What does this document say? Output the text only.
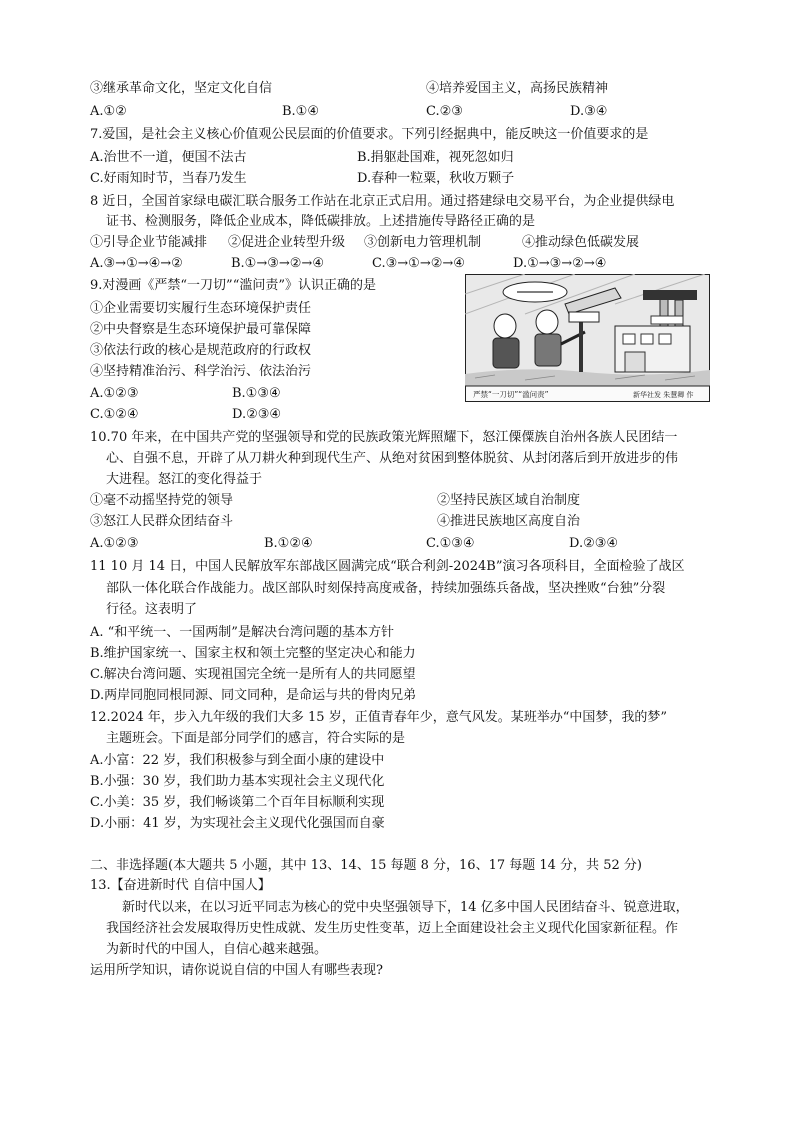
③继承革命文化，坚定文化自信	④培养爱国主义，高扬民族精神
A.①②	B.①④	C.②③	D.③④
7.爱国，是社会主义核心价值观公民层面的价值要求。下列引经据典中，能反映这一价值要求的是
A.治世不一道，便国不法古	B.捐躯赴国难，视死忽如归
C.好雨知时节，当春乃发生	D.春种一粒粟，秋收万颗子
8 近日，全国首家绿电碳汇联合服务工作站在北京正式启用。通过搭建绿电交易平台，为企业提供绿电
证书、检测服务，降低企业成本，降低碳排放。上述措施传导路径正确的是
①引导企业节能减排 ②促进企业转型升级 ③创新电力管理机制	④推动绿色低碳发展
A.③→①→④→②	B.①→③→②→④	C.③→①→②→④	D.①→③→②→④
9.对漫画《严禁“一刀切”“滥问责”》认识正确的是
①企业需要切实履行生态环境保护责任
②中央督察是生态环境保护最可靠保障
③依法行政的核心是规范政府的行政权
④坚持精准治污、科学治污、依法治污
A.①②③	B.①③④
C.①②④	D.②③④
严禁“一刀切”“滥问责”	新华社发 朱慧卿 作
10.70 年来，在中国共产党的坚强领导和党的民族政策光辉照耀下，怒江傈僳族自治州各族人民团结一
心、自强不息，开辟了从刀耕火种到现代生产、从绝对贫困到整体脱贫、从封闭落后到开放进步的伟
大进程。怒江的变化得益于
①毫不动摇坚持党的领导	②坚持民族区域自治制度
③怒江人民群众团结奋斗	④推进民族地区高度自治
A.①②③	B.①②④	C.①③④	D.②③④
11 10 月 14 日，中国人民解放军东部战区圆满完成“联合利剑-2024B”演习各项科目，全面检验了战区
部队一体化联合作战能力。战区部队时刻保持高度戒备，持续加强练兵备战，坚决挫败“台独”分裂
行径。这表明了
A. “和平统一、一国两制”是解决台湾问题的基本方针
B.维护国家统一、国家主权和领土完整的坚定决心和能力
C.解决台湾问题、实现祖国完全统一是所有人的共同愿望
D.两岸同胞同根同源、同文同种，是命运与共的骨肉兄弟
12.2024 年，步入九年级的我们大多 15 岁，正值青春年少，意气风发。某班举办“中国梦，我的梦”
主题班会。下面是部分同学们的感言，符合实际的是
A.小富：22 岁，我们积极参与到全面小康的建设中
B.小强：30 岁，我们助力基本实现社会主义现代化
C.小美：35 岁，我们畅谈第二个百年目标顺利实现
D.小丽：41 岁，为实现社会主义现代化强国而自豪
二、非选择题(本大题共 5 小题，其中 13、14、15 每题 8 分，16、17 每题 14 分，共 52 分)
13.【奋进新时代 自信中国人】
新时代以来，在以习近平同志为核心的党中央坚强领导下，14 亿多中国人民团结奋斗、锐意进取，
我国经济社会发展取得历史性成就、发生历史性变革，迈上全面建设社会主义现代化国家新征程。作
为新时代的中国人，自信心越来越强。
运用所学知识，请你说说自信的中国人有哪些表现?
